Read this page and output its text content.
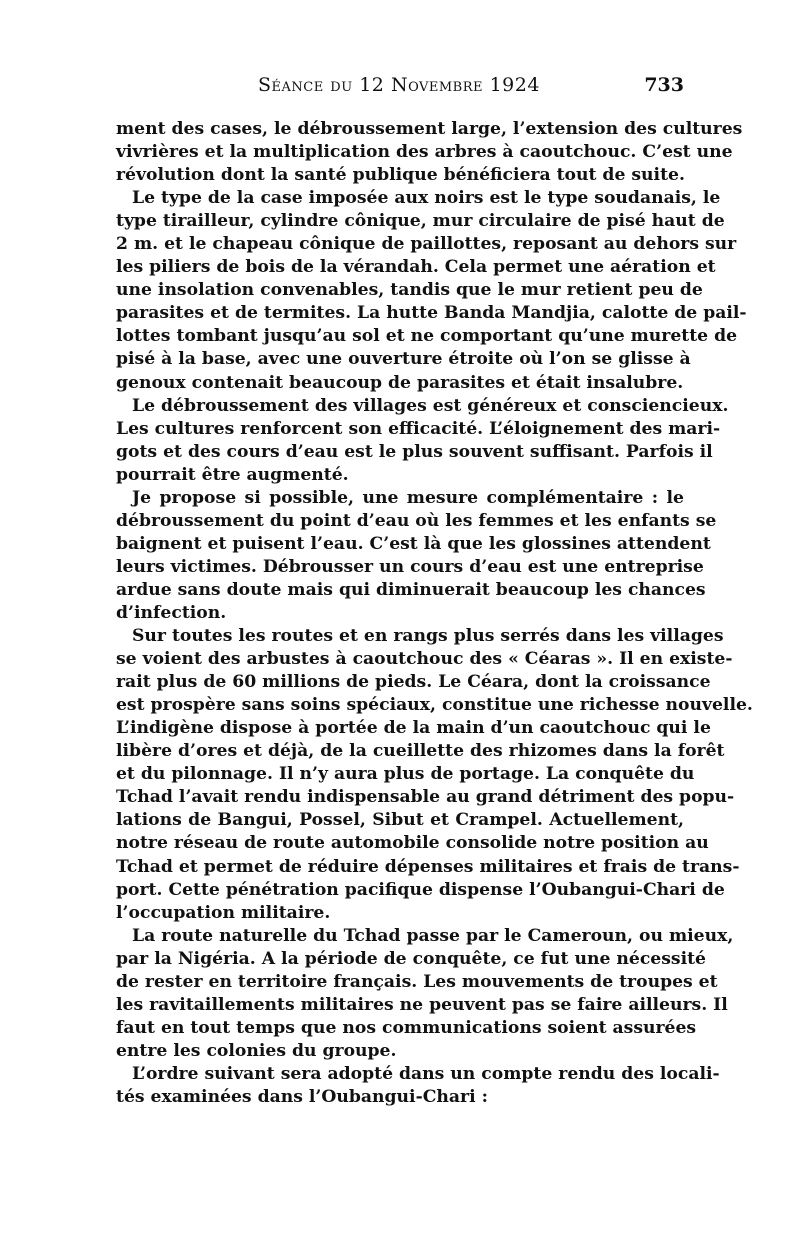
Séance du 12 Novembre 1924	733
ment des cases, le débroussement large, l’extension des cultures
vivrières et la multiplication des arbres à caoutchouc. C’est une
révolution dont la santé publique bénéficiera tout de suite.
Le type de la case imposée aux noirs est le type soudanais, le
type tirailleur, cylindre cônique, mur circulaire de pisé haut de
2 m. et le chapeau cônique de paillottes, reposant au dehors sur
les piliers de bois de la vérandah. Cela permet une aération et
une insolation convenables, tandis que le mur retient peu de
parasites et de termites. La hutte Banda Mandjia, calotte de pail-
lottes tombant jusqu’au sol et ne comportant qu’une murette de
pisé à la base, avec une ouverture étroite où l’on se glisse à
genoux contenait beaucoup de parasites et était insalubre.
Le débroussement des villages est généreux et consciencieux.
Les cultures renforcent son efficacité. L’éloignement des mari-
gots et des cours d’eau est le plus souvent suffisant. Parfois il
pourrait être augmenté.
Je propose si possible, une mesure complémentaire : le
débroussement du point d’eau où les femmes et les enfants se
baignent et puisent l’eau. C’est là que les glossines attendent
leurs victimes. Débrousser un cours d’eau est une entreprise
ardue sans doute mais qui diminuerait beaucoup les chances
d’infection.
Sur toutes les routes et en rangs plus serrés dans les villages
se voient des arbustes à caoutchouc des « Céaras ». Il en existe-
rait plus de 60 millions de pieds. Le Céara, dont la croissance
est prospère sans soins spéciaux, constitue une richesse nouvelle.
L’indigène dispose à portée de la main d’un caoutchouc qui le
libère d’ores et déjà, de la cueillette des rhizomes dans la forêt
et du pilonnage. Il n’y aura plus de portage. La conquête du
Tchad l’avait rendu indispensable au grand détriment des popu-
lations de Bangui, Possel, Sibut et Crampel. Actuellement,
notre réseau de route automobile consolide notre position au
Tchad et permet de réduire dépenses militaires et frais de trans-
port. Cette pénétration pacifique dispense l’Oubangui-Chari de
l’occupation militaire.
La route naturelle du Tchad passe par le Cameroun, ou mieux,
par la Nigéria. A la période de conquête, ce fut une nécessité
de rester en territoire français. Les mouvements de troupes et
les ravitaillements militaires ne peuvent pas se faire ailleurs. Il
faut en tout temps que nos communications soient assurées
entre les colonies du groupe.
L’ordre suivant sera adopté dans un compte rendu des locali-
tés examinées dans l’Oubangui-Chari :
